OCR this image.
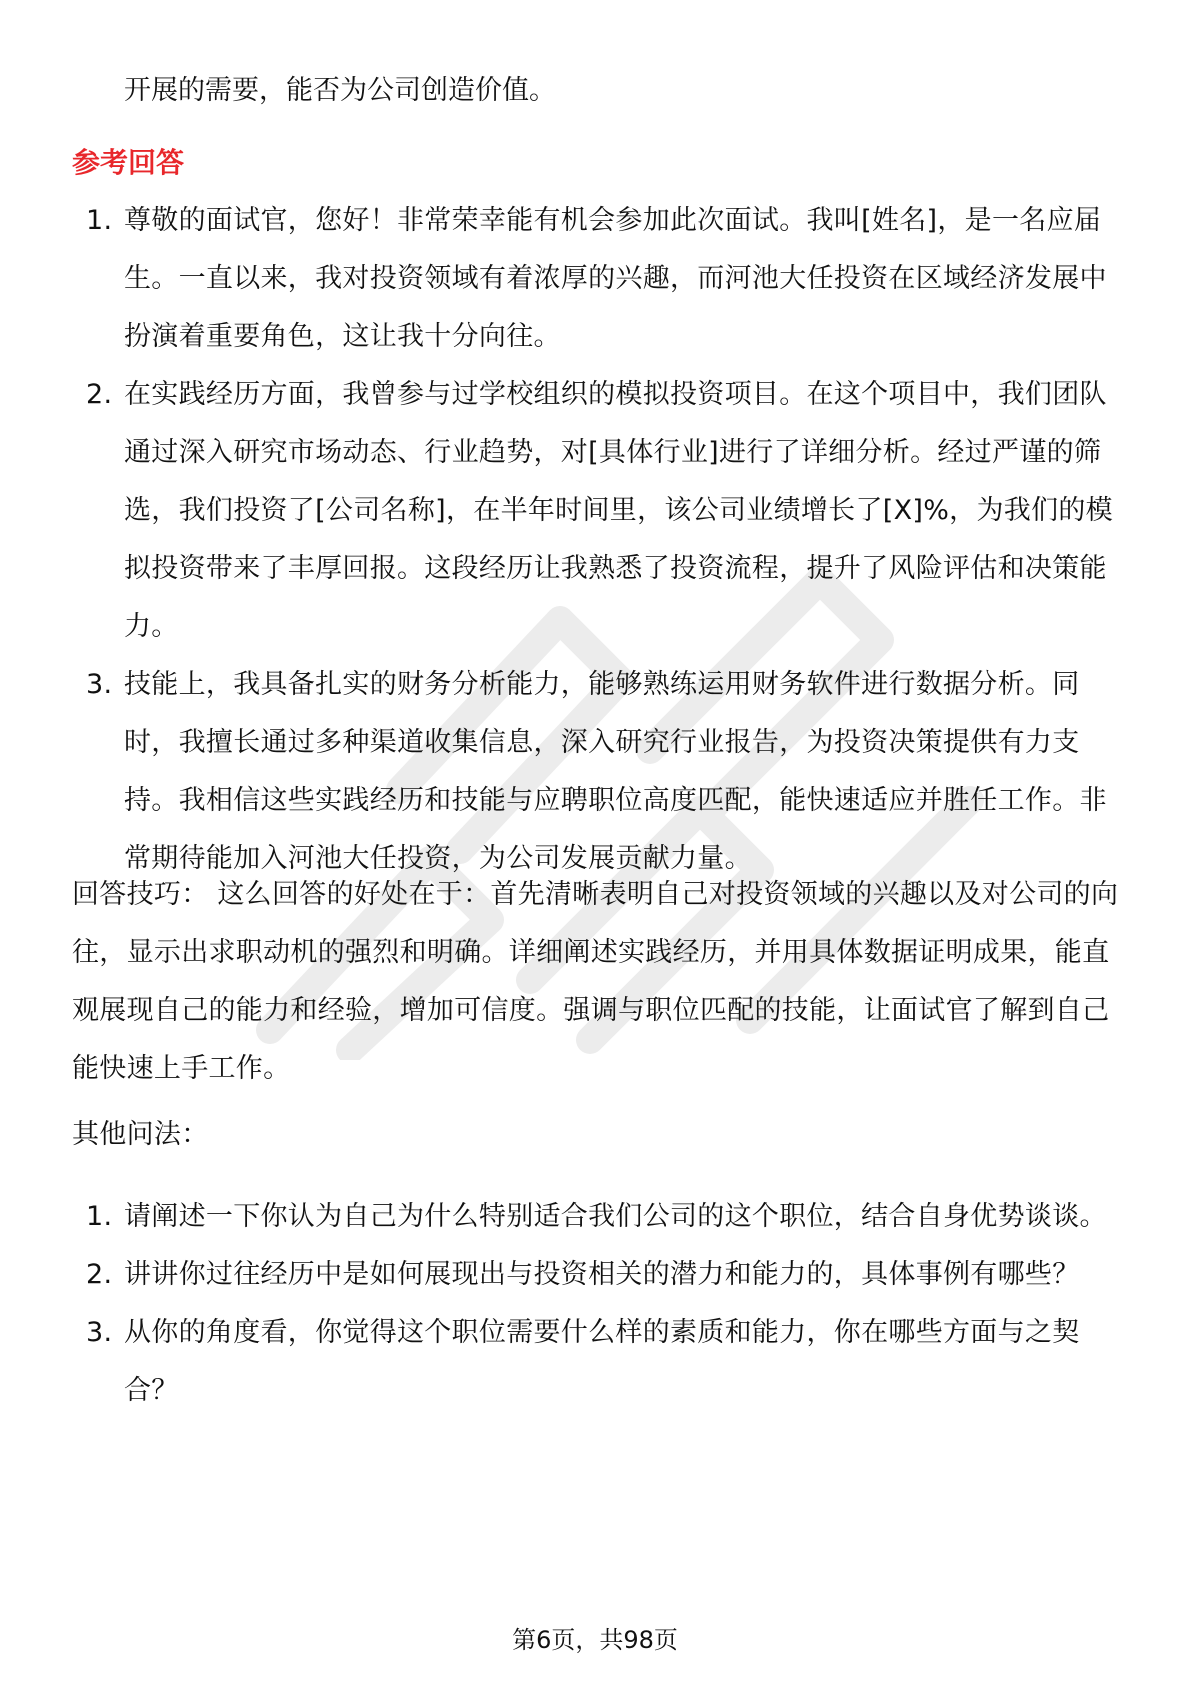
开展的需要，能否为公司创造价值。
参考回答
1. 尊敬的面试官，您好！非常荣幸能有机会参加此次面试。我叫[姓名]，是一名应届生。一直以来，我对投资领域有着浓厚的兴趣，而河池大任投资在区域经济发展中扮演着重要角色，这让我十分向往。
2. 在实践经历方面，我曾参与过学校组织的模拟投资项目。在这个项目中，我们团队通过深入研究市场动态、行业趋势，对[具体行业]进行了详细分析。经过严谨的筛选，我们投资了[公司名称]，在半年时间里，该公司业绩增长了[X]%，为我们的模拟投资带来了丰厚回报。这段经历让我熟悉了投资流程，提升了风险评估和决策能力。
3. 技能上，我具备扎实的财务分析能力，能够熟练运用财务软件进行数据分析。同时，我擅长通过多种渠道收集信息，深入研究行业报告，为投资决策提供有力支持。我相信这些实践经历和技能与应聘职位高度匹配，能快速适应并胜任工作。非常期待能加入河池大任投资，为公司发展贡献力量。
回答技巧： 这么回答的好处在于：首先清晰表明自己对投资领域的兴趣以及对公司的向往，显示出求职动机的强烈和明确。详细阐述实践经历，并用具体数据证明成果，能直观展现自己的能力和经验，增加可信度。强调与职位匹配的技能，让面试官了解到自己能快速上手工作。
其他问法：
1. 请阐述一下你认为自己为什么特别适合我们公司的这个职位，结合自身优势谈谈。
2. 讲讲你过往经历中是如何展现出与投资相关的潜力和能力的，具体事例有哪些？
3. 从你的角度看，你觉得这个职位需要什么样的素质和能力，你在哪些方面与之契合？
第6页，共98页
